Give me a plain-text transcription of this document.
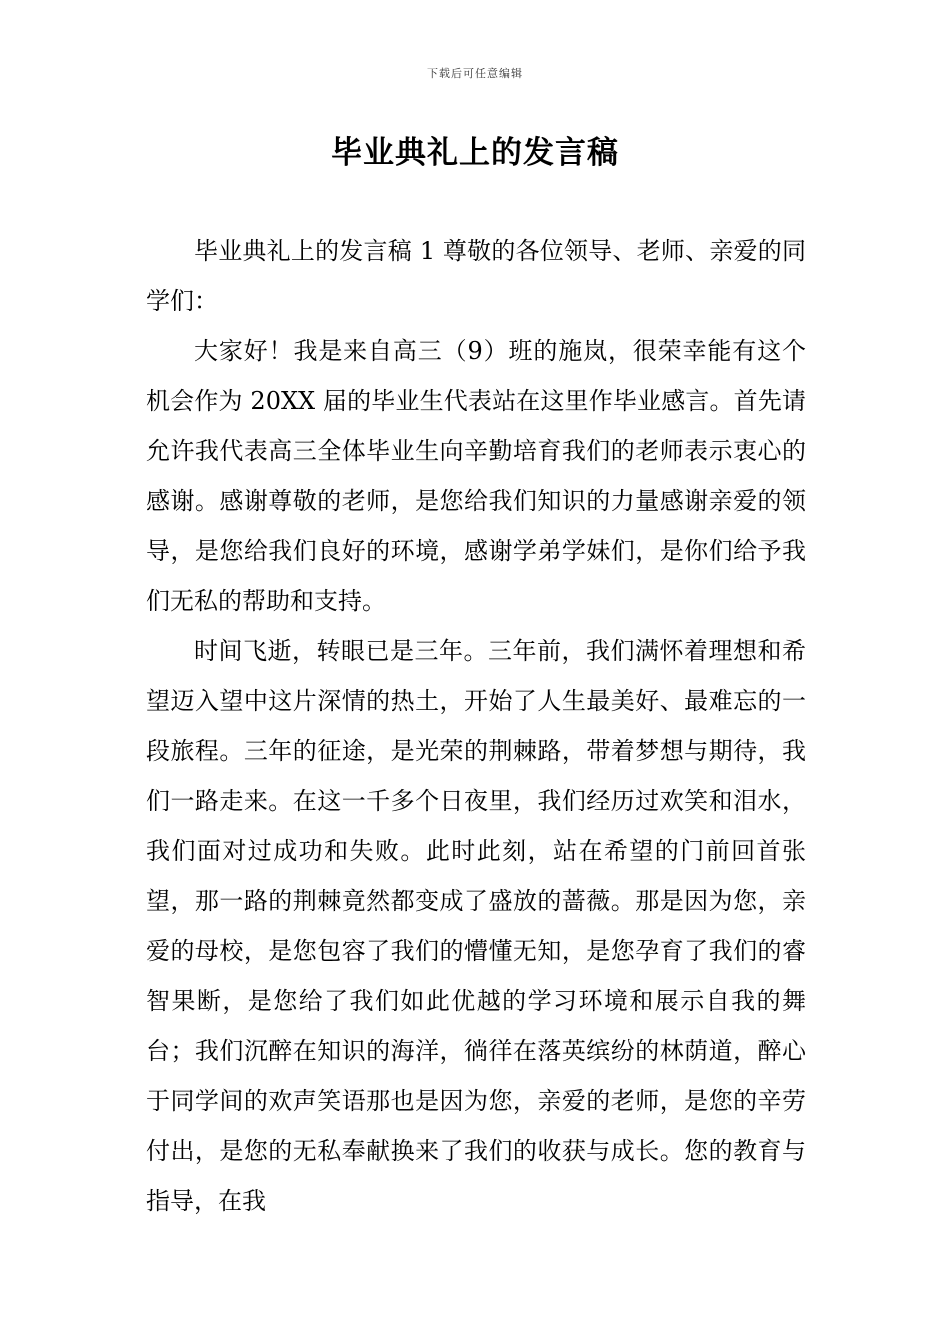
下载后可任意编辑
毕业典礼上的发言稿

毕业典礼上的发言稿 1 尊敬的各位领导、老师、亲爱的同学们：

大家好！我是来自高三（9）班的施岚，很荣幸能有这个机会作为 20XX 届的毕业生代表站在这里作毕业感言。首先请允许我代表高三全体毕业生向辛勤培育我们的老师表示衷心的感谢。感谢尊敬的老师，是您给我们知识的力量感谢亲爱的领导，是您给我们良好的环境，感谢学弟学妹们，是你们给予我们无私的帮助和支持。

时间飞逝，转眼已是三年。三年前，我们满怀着理想和希望迈入望中这片深情的热土，开始了人生最美好、最难忘的一段旅程。三年的征途，是光荣的荆棘路，带着梦想与期待，我们一路走来。在这一千多个日夜里，我们经历过欢笑和泪水，我们面对过成功和失败。此时此刻，站在希望的门前回首张望，那一路的荆棘竟然都变成了盛放的蔷薇。那是因为您，亲爱的母校，是您包容了我们的懵懂无知，是您孕育了我们的睿智果断，是您给了我们如此优越的学习环境和展示自我的舞台；我们沉醉在知识的海洋，徜徉在落英缤纷的林荫道，醉心于同学间的欢声笑语那也是因为您，亲爱的老师，是您的辛劳付出，是您的无私奉献换来了我们的收获与成长。您的教育与指导，在我
